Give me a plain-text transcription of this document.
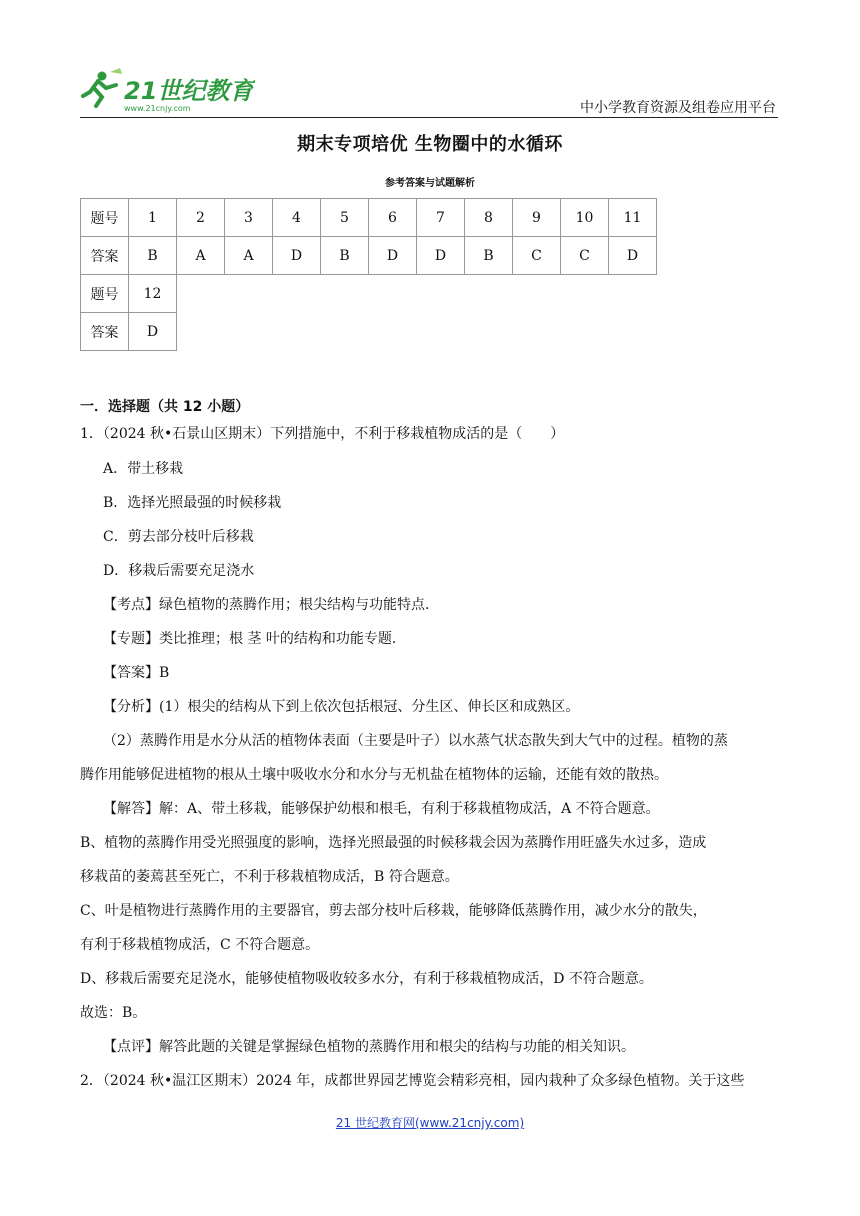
21世纪教育
www.21cnjy.com	中小学教育资源及组卷应用平台
期末专项培优 生物圈中的水循环
参考答案与试题解析
题号	1	2	3	4	5	6	7	8	9	10	11
答案	B	A	A	D	B	D	D	B	C	C	D
题号	12
答案	D
一．选择题（共 12 小题）
1．（2024 秋•石景山区期末）下列措施中，不利于移栽植物成活的是（　　）
A．带土移栽
B．选择光照最强的时候移栽
C．剪去部分枝叶后移栽
D．移栽后需要充足浇水
【考点】绿色植物的蒸腾作用；根尖结构与功能特点．
【专题】类比推理；根 茎 叶的结构和功能专题．
【答案】B
【分析】(1）根尖的结构从下到上依次包括根冠、分生区、伸长区和成熟区。
（2）蒸腾作用是水分从活的植物体表面（主要是叶子）以水蒸气状态散失到大气中的过程。植物的蒸
腾作用能够促进植物的根从土壤中吸收水分和水分与无机盐在植物体的运输，还能有效的散热。
【解答】解：A、带土移栽，能够保护幼根和根毛，有利于移栽植物成活，A 不符合题意。
B、植物的蒸腾作用受光照强度的影响，选择光照最强的时候移栽会因为蒸腾作用旺盛失水过多，造成
移栽苗的萎蔫甚至死亡，不利于移栽植物成活，B 符合题意。
C、叶是植物进行蒸腾作用的主要器官，剪去部分枝叶后移栽，能够降低蒸腾作用，减少水分的散失，
有利于移栽植物成活，C 不符合题意。
D、移栽后需要充足浇水，能够使植物吸收较多水分，有利于移栽植物成活，D 不符合题意。
故选：B。
【点评】解答此题的关键是掌握绿色植物的蒸腾作用和根尖的结构与功能的相关知识。
2．（2024 秋•温江区期末）2024 年，成都世界园艺博览会精彩亮相，园内栽种了众多绿色植物。关于这些
21 世纪教育网(www.21cnjy.com)
